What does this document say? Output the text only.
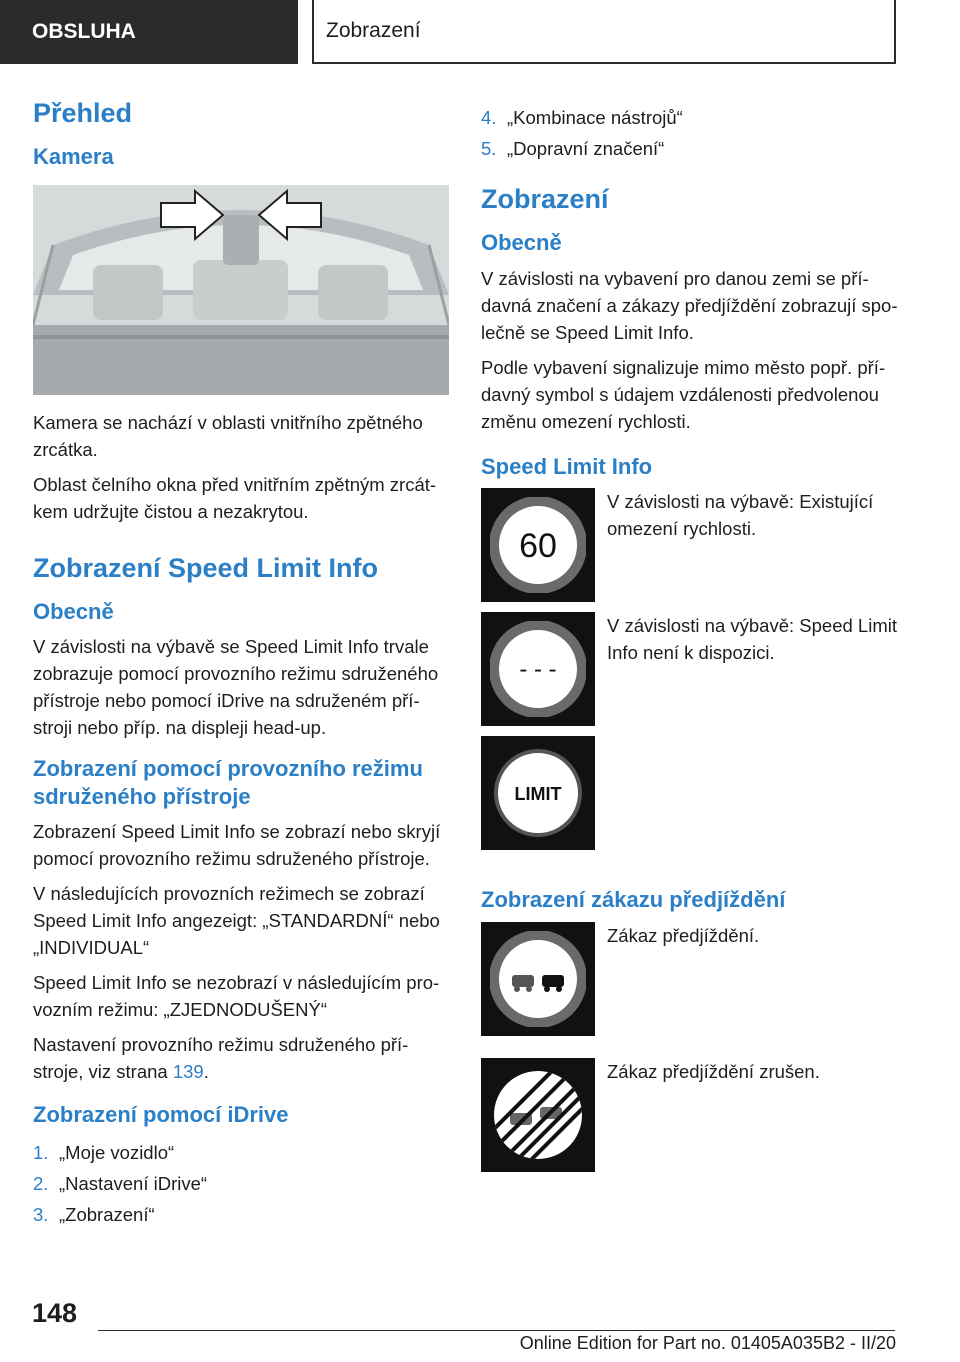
OBSLUHA	Zobrazení
Přehled
Kamera

Kamera se nachází v oblasti vnitřního zpětného zrcátka.

Oblast čelního okna před vnitřním zpětným zrcátkem udržujte čistou a nezakrytou.

Zobrazení Speed Limit Info
Obecně

V závislosti na výbavě se Speed Limit Info trvale zobrazuje pomocí provozního režimu sdruženého přístroje nebo pomocí iDrive na sdruženém přístroji nebo příp. na displeji head-up.

Zobrazení pomocí provozního režimu sdruženého přístroje

Zobrazení Speed Limit Info se zobrazí nebo skryjí pomocí provozního režimu sdruženého přístroje.

V následujících provozních režimech se zobrazí Speed Limit Info angezeigt: „STANDARDNÍ“ nebo „INDIVIDUAL“

Speed Limit Info se nezobrazí v následujícím provozním režimu: „ZJEDNODUŠENÝ“

Nastavení provozního režimu sdruženého přístroje, viz strana 139.

Zobrazení pomocí iDrive
1. „Moje vozidlo“
2. „Nastavení iDrive“
3. „Zobrazení“
4. „Kombinace nástrojů“
5. „Dopravní značení“
Zobrazení
Obecně

V závislosti na vybavení pro danou zemi se přídavná značení a zákazy předjíždění zobrazují společně se Speed Limit Info.

Podle vybavení signalizuje mimo město popř. přídavný symbol s údajem vzdálenosti předvolenou změnu omezení rychlosti.

Speed Limit Info
60
V závislosti na výbavě: Existující omezení rychlosti.
- - -
V závislosti na výbavě: Speed Limit Info není k dispozici.
LIMIT
Zobrazení zákazu předjíždění
Zákaz předjíždění.
Zákaz předjíždění zrušen.
148
Online Edition for Part no. 01405A035B2 - II/20
